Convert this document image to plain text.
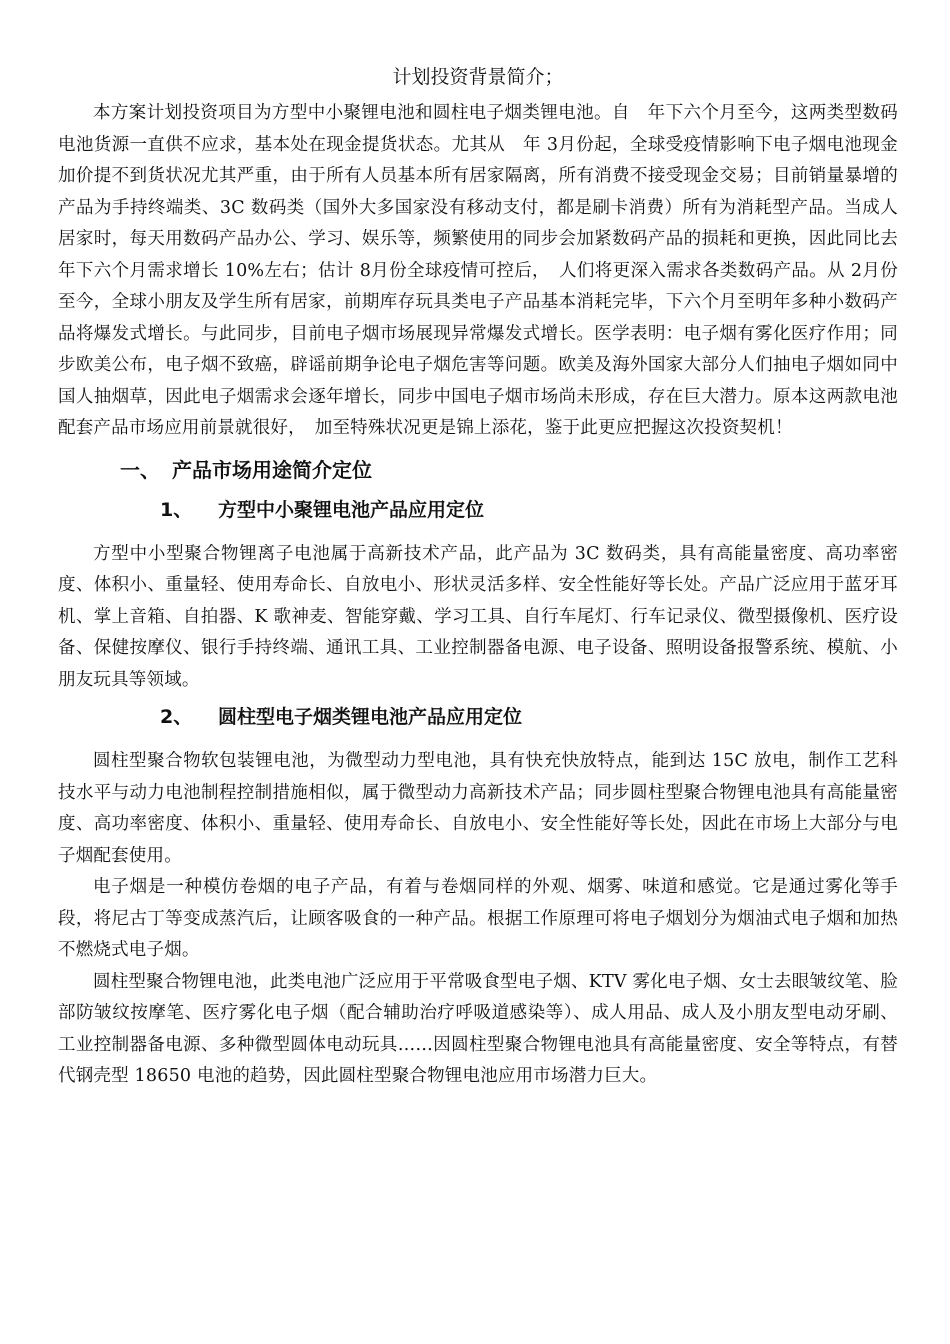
计划投资背景简介；

本方案计划投资项目为方型中小聚锂电池和圆柱电子烟类锂电池。自　年下六个月至今，这两类型数码电池货源一直供不应求，基本处在现金提货状态。尤其从　年 3月份起，全球受疫情影响下电子烟电池现金加价提不到货状况尤其严重，由于所有人员基本所有居家隔离，所有消费不接受现金交易；目前销量暴增的产品为手持终端类、3C 数码类（国外大多国家没有移动支付，都是刷卡消费）所有为消耗型产品。当成人居家时，每天用数码产品办公、学习、娱乐等，频繁使用的同步会加紧数码产品的损耗和更换，因此同比去年下六个月需求增长 10%左右；估计 8月份全球疫情可控后，　人们将更深入需求各类数码产品。从 2月份至今，全球小朋友及学生所有居家，前期库存玩具类电子产品基本消耗完毕，下六个月至明年多种小数码产品将爆发式增长。与此同步，目前电子烟市场展现异常爆发式增长。医学表明：电子烟有雾化医疗作用；同步欧美公布，电子烟不致癌，辟谣前期争论电子烟危害等问题。欧美及海外国家大部分人们抽电子烟如同中国人抽烟草，因此电子烟需求会逐年增长，同步中国电子烟市场尚未形成，存在巨大潜力。原本这两款电池配套产品市场应用前景就很好，　加至特殊状况更是锦上添花，鉴于此更应把握这次投资契机！

一、 产品市场用途简介定位
1、 方型中小聚锂电池产品应用定位

方型中小型聚合物锂离子电池属于高新技术产品，此产品为 3C 数码类，具有高能量密度、高功率密度、体积小、重量轻、使用寿命长、自放电小、形状灵活多样、安全性能好等长处。产品广泛应用于蓝牙耳机、掌上音箱、自拍器、K 歌神麦、智能穿戴、学习工具、自行车尾灯、行车记录仪、微型摄像机、医疗设备、保健按摩仪、银行手持终端、通讯工具、工业控制器备电源、电子设备、照明设备报警系统、模航、小朋友玩具等领域。

2、 圆柱型电子烟类锂电池产品应用定位

圆柱型聚合物软包装锂电池，为微型动力型电池，具有快充快放特点，能到达 15C 放电，制作工艺科技水平与动力电池制程控制措施相似，属于微型动力高新技术产品；同步圆柱型聚合物锂电池具有高能量密度、高功率密度、体积小、重量轻、使用寿命长、自放电小、安全性能好等长处，因此在市场上大部分与电子烟配套使用。

电子烟是一种模仿卷烟的电子产品，有着与卷烟同样的外观、烟雾、味道和感觉。它是通过雾化等手段，将尼古丁等变成蒸汽后，让顾客吸食的一种产品。根据工作原理可将电子烟划分为烟油式电子烟和加热不燃烧式电子烟。

圆柱型聚合物锂电池，此类电池广泛应用于平常吸食型电子烟、KTV 雾化电子烟、女士去眼皱纹笔、脸部防皱纹按摩笔、医疗雾化电子烟（配合辅助治疗呼吸道感染等）、成人用品、成人及小朋友型电动牙刷、工业控制器备电源、多种微型圆体电动玩具……因圆柱型聚合物锂电池具有高能量密度、安全等特点，有替代钢壳型 18650 电池的趋势，因此圆柱型聚合物锂电池应用市场潜力巨大。
